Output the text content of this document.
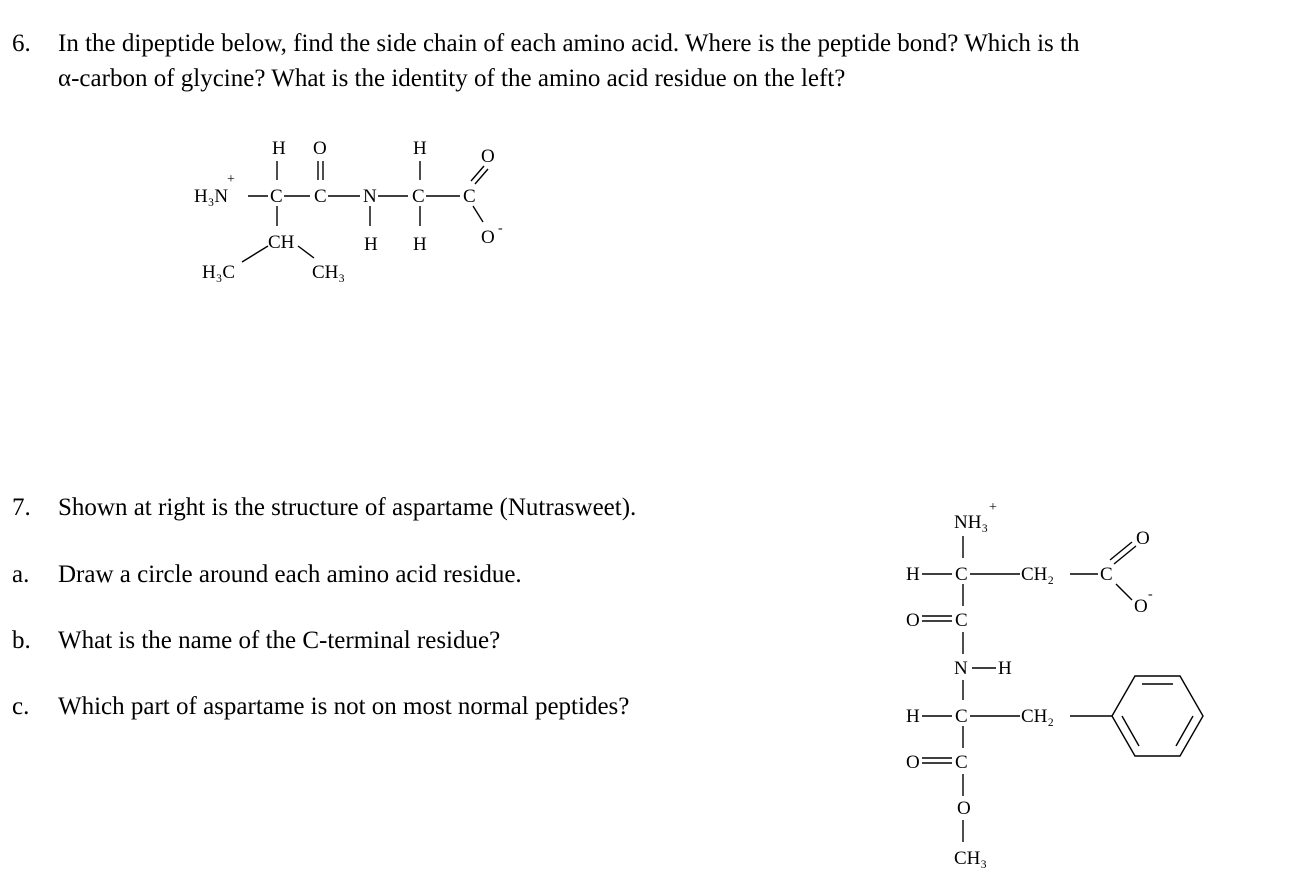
6. In the dipeptide below, find the side chain of each amino acid. Where is the peptide bond? Which is th
α-carbon of glycine? What is the identity of the amino acid residue on the left?
H O	H	O
H₃N
+
C C N C C
O -
CH	H H
H₃C	CH₃
7. Shown at right is the structure of aspartame (Nutrasweet).
a. Draw a circle around each amino acid residue.
b. What is the name of the C-terminal residue?
c. Which part of aspartame is not on most normal peptides?
NH₃
+
H C	CH₂ C
O
O
-
O C
N H
H C	CH₂
O C
O
CH₃
